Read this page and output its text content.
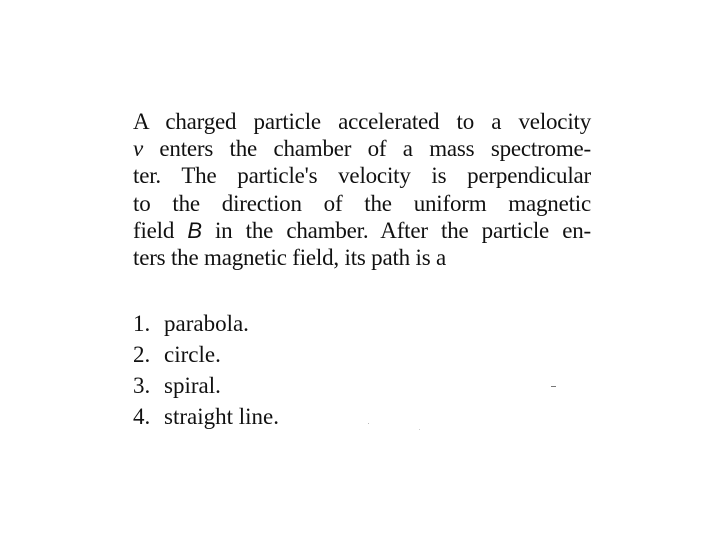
A charged particle accelerated to a velocity
v enters the chamber of a mass spectrome-
ter. The particle's velocity is perpendicular
to the direction of the uniform magnetic
field B in the chamber. After the particle en-
ters the magnetic field, its path is a
1. parabola.
2. circle.
3. spiral.
4. straight line.
